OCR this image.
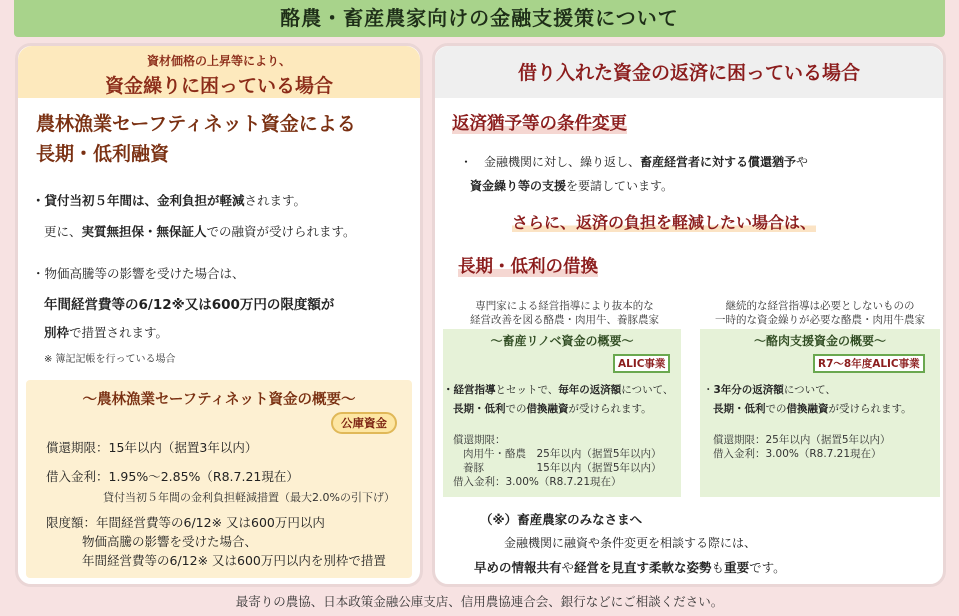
酪農・畜産農家向けの金融支援策について
資材価格の上昇等により、
資金繰りに困っている場合
農林漁業セーフティネット資金による
長期・低利融資
・貸付当初５年間は、金利負担が軽減されます。
更に、実質無担保・無保証人での融資が受けられます。
・物価高騰等の影響を受けた場合は、
年間経営費等の6/12※又は600万円の限度額が
別枠で措置されます。
※ 簿記記帳を行っている場合
～農林漁業セーフティネット資金の概要～
公庫資金
償還期限：15年以内（据置3年以内）
借入金利：1.95%～2.85%（R8.7.21現在）
貸付当初５年間の金利負担軽減措置（最大2.0%の引下げ）
限度額：年間経営費等の6/12※ 又は600万円以内
物価高騰の影響を受けた場合、
年間経営費等の6/12※ 又は600万円以内を別枠で措置
借り入れた資金の返済に困っている場合
返済猶予等の条件変更
・　金融機関に対し、繰り返し、畜産経営者に対する償還猶予や
資金繰り等の支援を要請しています。
さらに、返済の負担を軽減したい場合は、
長期・低利の借換
専門家による経営指導により抜本的な
経営改善を図る酪農・肉用牛、養豚農家
～畜産リノベ資金の概要～
ALIC事業
・経営指導とセットで、毎年の返済額について、
長期・低利での借換融資が受けられます。
償還期限：
肉用牛・酪農　25年以内（据置5年以内）
養豚　　　　　15年以内（据置5年以内）
借入金利：3.00%（R8.7.21現在）
継続的な経営指導は必要としないものの
一時的な資金繰りが必要な酪農・肉用牛農家
～酪肉支援資金の概要～
R7～8年度ALIC事業
・3年分の返済額について、
長期・低利での借換融資が受けられます。
償還期限：25年以内（据置5年以内）
借入金利：3.00%（R8.7.21現在）
（※）畜産農家のみなさまへ
金融機関に融資や条件変更を相談する際には、
早めの情報共有や経営を見直す柔軟な姿勢も重要です。
最寄りの農協、日本政策金融公庫支店、信用農協連合会、銀行などにご相談ください。
